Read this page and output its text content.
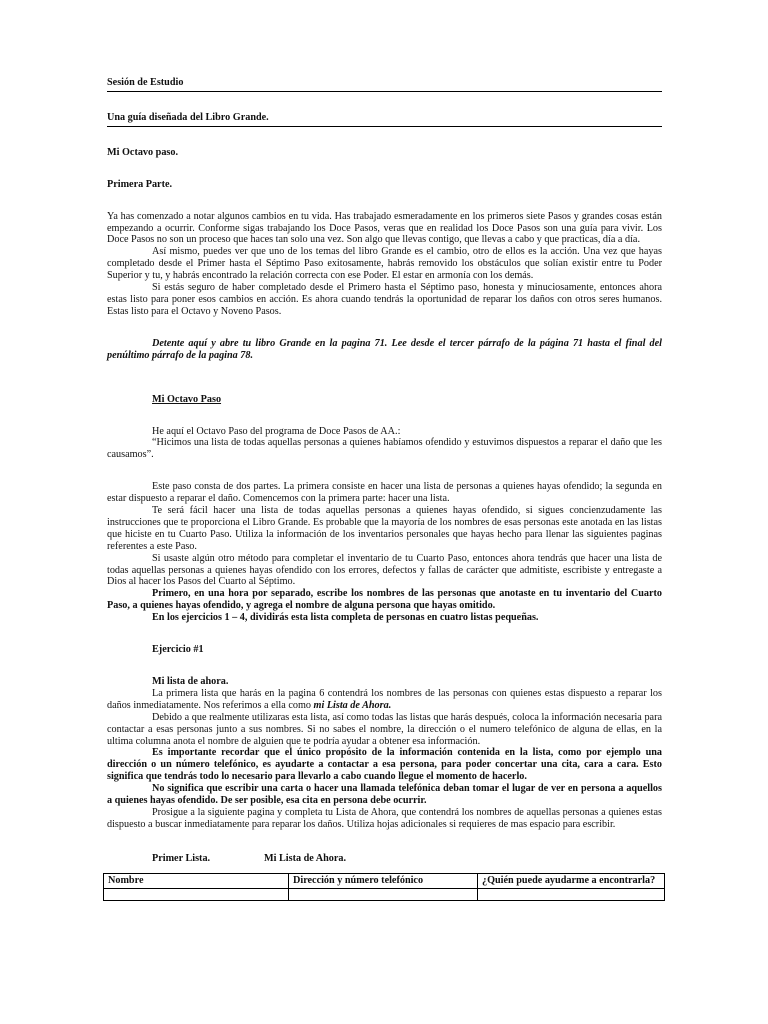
Sesión de Estudio
Una guía diseñada del Libro Grande.
Mi Octavo paso.
Primera Parte.
Ya has comenzado a notar algunos cambios en tu vida. Has trabajado esmeradamente en los primeros siete Pasos y grandes cosas están empezando a ocurrir. Conforme sigas trabajando los Doce Pasos, veras que en realidad los Doce Pasos son una guía para vivir. Los Doce Pasos no son un proceso que haces tan solo una vez. Son algo que llevas contigo, que llevas a cabo y que practicas, día a día.
Así mismo, puedes ver que uno de los temas del libro Grande es el cambio, otro de ellos es la acción. Una vez que hayas completado desde el Primer hasta el Séptimo Paso exitosamente, habrás removido los obstáculos que solían existir entre tu Poder Superior y tu, y habrás encontrado la relación correcta con ese Poder. El estar en armonía con los demás.
Si estás seguro de haber completado desde el Primero hasta el Séptimo paso, honesta y minuciosamente, entonces ahora estas listo para poner esos cambios en acción. Es ahora cuando tendrás la oportunidad de reparar los daños con otros seres humanos. Estas listo para el Octavo y Noveno Pasos.
Detente aquí y abre tu libro Grande en la pagina 71. Lee desde el tercer párrafo de la página 71 hasta el final del penúltimo párrafo de la pagina 78.
Mi Octavo Paso
He aquí el Octavo Paso del programa de Doce Pasos de AA.:
“Hicimos una lista de todas aquellas personas a quienes habíamos ofendido y estuvimos dispuestos a reparar el daño que les causamos”.
Este paso consta de dos partes. La primera consiste en hacer una lista de personas a quienes hayas ofendido; la segunda en estar dispuesto a reparar el daño. Comencemos con la primera parte: hacer una lista.
Te será fácil hacer una lista de todas aquellas personas a quienes hayas ofendido, si sigues concienzudamente las instrucciones que te proporciona el Libro Grande. Es probable que la mayoría de los nombres de esas personas este anotada en las listas que hiciste en tu Cuarto Paso. Utiliza la información de los inventarios personales que hayas hecho para llenar las siguientes paginas referentes a este Paso.
Si usaste algún otro método para completar el inventario de tu Cuarto Paso, entonces ahora tendrás que hacer una lista de todas aquellas personas a quienes hayas ofendido con los errores, defectos y fallas de carácter que admitiste, escribiste y entregaste a Dios al hacer los Pasos del Cuarto al Séptimo.
Primero, en una hora por separado, escribe los nombres de las personas que anotaste en tu inventario del Cuarto Paso, a quienes hayas ofendido, y agrega el nombre de alguna persona que hayas omitido.
En los ejercicios 1 – 4, dividirás esta lista completa de personas en cuatro listas pequeñas.
Ejercicio #1
Mi lista de ahora.
La primera lista que harás en la pagina 6 contendrá los nombres de las personas con quienes estas dispuesto a reparar los daños inmediatamente. Nos referimos a ella como mi Lista de Ahora.
Debido a que realmente utilizaras esta lista, así como todas las listas que harás después, coloca la información necesaria para contactar a esas personas junto a sus nombres. Si no sabes el nombre, la dirección o el numero telefónico de alguna de ellas, en la ultima columna anota el nombre de alguien que te podría ayudar a obtener esa información.
Es importante recordar que el único propósito de la información contenida en la lista, como por ejemplo una dirección o un número telefónico, es ayudarte a contactar a esa persona, para poder concertar una cita, cara a cara. Esto significa que tendrás todo lo necesario para llevarlo a cabo cuando llegue el momento de hacerlo.
No significa que escribir una carta o hacer una llamada telefónica deban tomar el lugar de ver en persona a aquellos a quienes hayas ofendido. De ser posible, esa cita en persona debe ocurrir.
Prosigue a la siguiente pagina y completa tu Lista de Ahora, que contendrá los nombres de aquellas personas a quienes estas dispuesto a buscar inmediatamente para reparar los daños. Utiliza hojas adicionales si requieres de mas espacio para escribir.
Primer Lista.	Mi Lista de Ahora.
Nombre	Dirección y número telefónico	¿Quién puede ayudarme a encontrarla?
